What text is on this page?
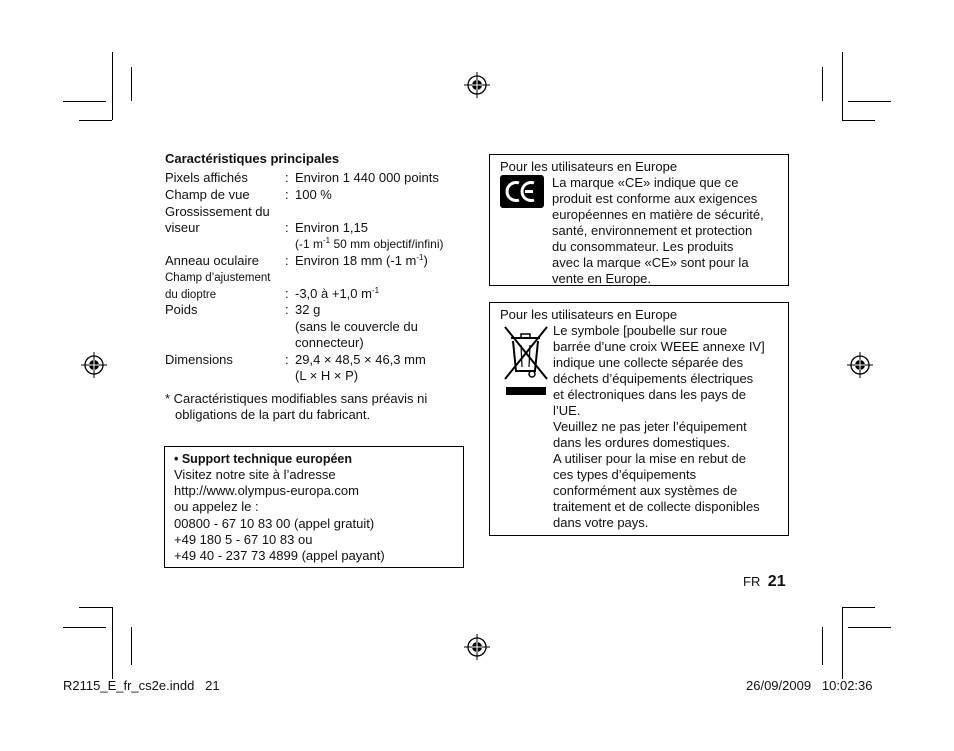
Caractéristiques principales
Pixels affichés	: Environ 1 440 000 points
Champ de vue	: 100 %
Grossissement du
viseur	: Environ 1,15
(-1 $m^{-1}$ 50 mm objectif/infini)
Anneau oculaire : Environ 18 mm (-1 $m^{-1}$)
Champ d’ajustement
du dioptre	: -3,0 à +1,0 $m^{-1}$
Poids	: 32 g
(sans le couvercle du
connecteur)
Dimensions	: 29,4 × 48,5 × 46,3 mm
(L × H × P)
* Caractéristiques modifiables sans préavis ni
obligations de la part du fabricant.
• Support technique européen
Visitez notre site à l’adresse
http://www.olympus-europa.com
ou appelez le :
00800 - 67 10 83 00 (appel gratuit)
+49 180 5 - 67 10 83 ou
+49 40 - 237 73 4899 (appel payant)
Pour les utilisateurs en Europe
La marque «CE» indique que ce
produit est conforme aux exigences
européennes en matière de sécurité,
santé, environnement et protection
du consommateur. Les produits
avec la marque «CE» sont pour la
vente en Europe.
Pour les utilisateurs en Europe
Le symbole [poubelle sur roue
barrée d’une croix WEEE annexe IV]
indique une collecte séparée des
déchets d’équipements électriques
et électroniques dans les pays de
l’UE.
Veuillez ne pas jeter l’équipement
dans les ordures domestiques.
A utiliser pour la mise en rebut de
ces types d’équipements
conformément aux systèmes de
traitement et de collecte disponibles
dans votre pays.
FR 21
R2115_E_fr_cs2e.indd   21	26/09/2009   10:02:36
